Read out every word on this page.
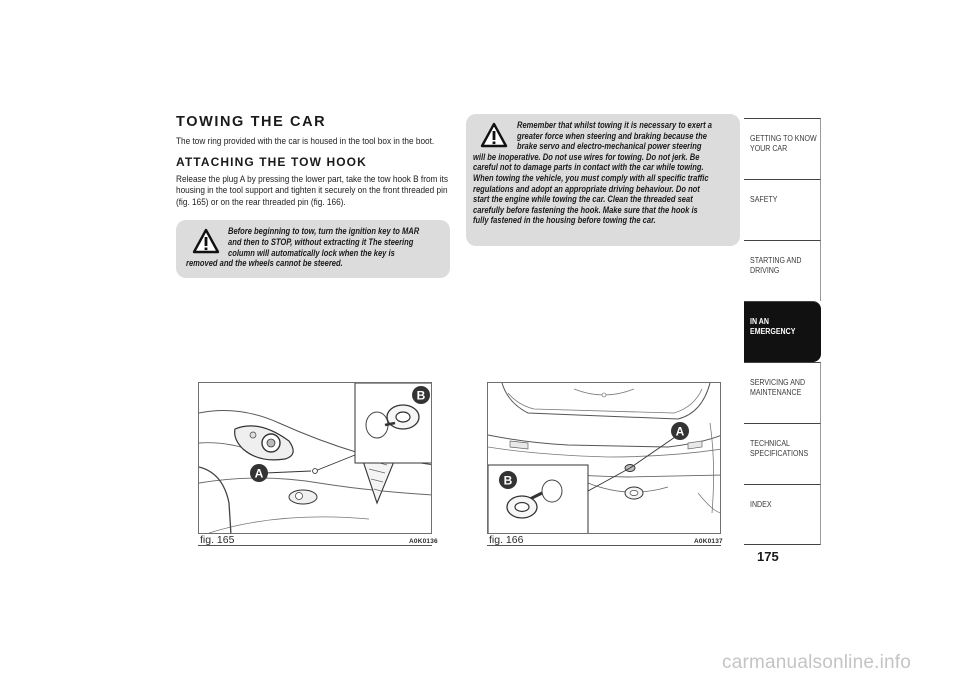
TOWING THE CAR
The tow ring provided with the car is housed in the tool box in the boot.
ATTACHING THE TOW HOOK
Release the plug A by pressing the lower part, take the tow hook B from its housing in the tool support and tighten it securely on the front threaded pin (fig. 165) or on the rear threaded pin (fig. 166).
Before beginning to tow, turn the ignition key to MAR
and then to STOP, without extracting it The steering
column will automatically lock when the key is
removed and the wheels cannot be steered.
Remember that whilst towing it is necessary to exert a
greater force when steering and braking because the
brake servo and electro-mechanical power steering
will be inoperative. Do not use wires for towing. Do not jerk. Be
careful not to damage parts in contact with the car while towing.
When towing the vehicle, you must comply with all specific traffic
regulations and adopt an appropriate driving behaviour. Do not
start the engine while towing the car. Clean the threaded seat
carefully before fastening the hook. Make sure that the hook is
fully fastened in the housing before towing the car.
B
A
fig. 165	A0K0136
A
B
fig. 166	A0K0137
GETTING TO KNOW
YOUR CAR
SAFETY
STARTING AND
DRIVING
IN AN
EMERGENCY
SERVICING AND
MAINTENANCE
TECHNICAL
SPECIFICATIONS
INDEX
175
carmanualsonline.info
